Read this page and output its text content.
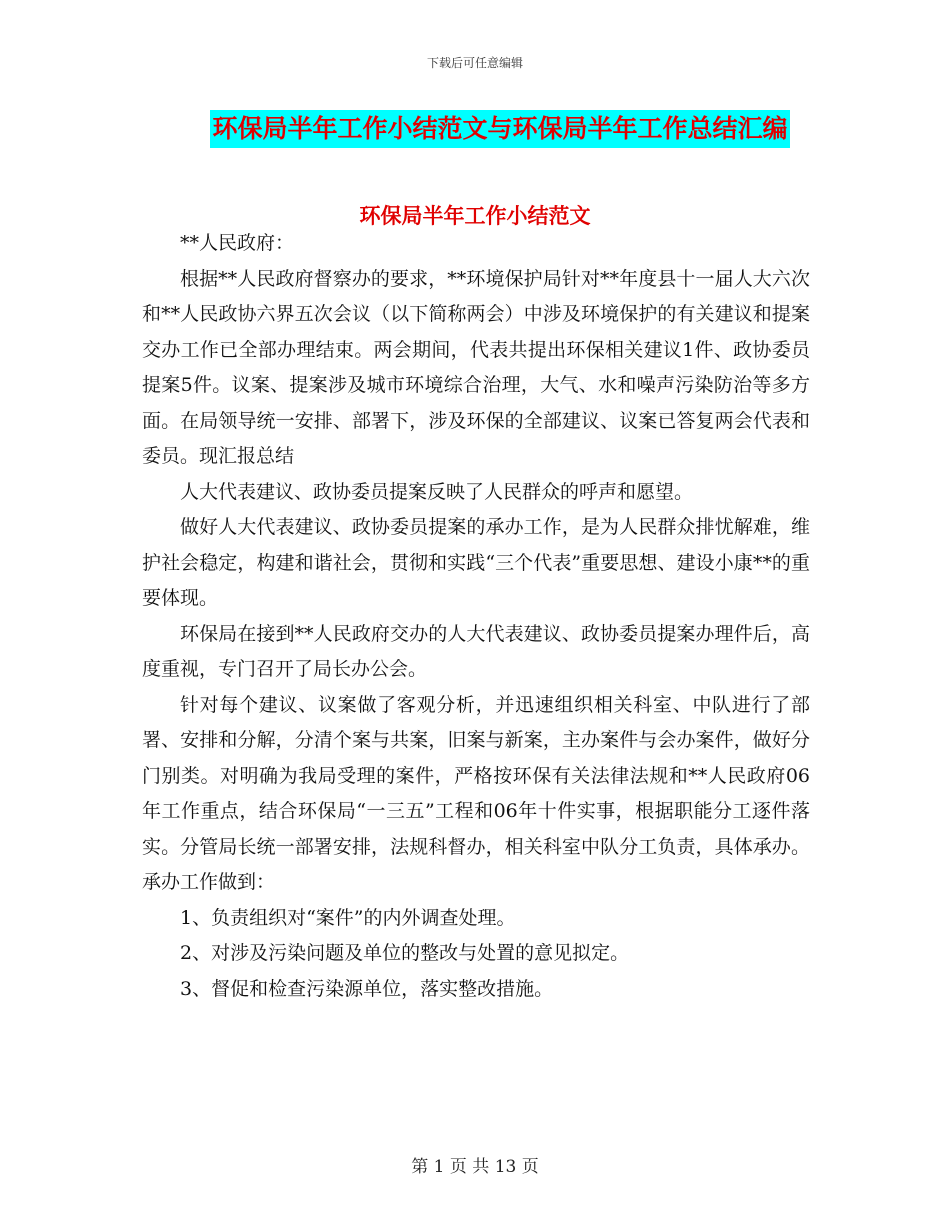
下载后可任意编辑
环保局半年工作小结范文与环保局半年工作总结汇编
环保局半年工作小结范文

**人民政府：

根据**人民政府督察办的要求，**环境保护局针对**年度县十一届人大六次和**人民政协六界五次会议（以下简称两会）中涉及环境保护的有关建议和提案交办工作已全部办理结束。两会期间，代表共提出环保相关建议1件、政协委员提案5件。议案、提案涉及城市环境综合治理，大气、水和噪声污染防治等多方面。在局领导统一安排、部署下，涉及环保的全部建议、议案已答复两会代表和委员。现汇报总结

人大代表建议、政协委员提案反映了人民群众的呼声和愿望。

做好人大代表建议、政协委员提案的承办工作，是为人民群众排忧解难，维护社会稳定，构建和谐社会，贯彻和实践“三个代表”重要思想、建设小康**的重要体现。

环保局在接到**人民政府交办的人大代表建议、政协委员提案办理件后，高度重视，专门召开了局长办公会。

针对每个建议、议案做了客观分析，并迅速组织相关科室、中队进行了部署、安排和分解，分清个案与共案，旧案与新案，主办案件与会办案件，做好分门别类。对明确为我局受理的案件，严格按环保有关法律法规和**人民政府06年工作重点，结合环保局“一三五”工程和06年十件实事，根据职能分工逐件落实。分管局长统一部署安排，法规科督办，相关科室中队分工负责，具体承办。承办工作做到：

1、负责组织对“案件”的内外调查处理。

2、对涉及污染问题及单位的整改与处置的意见拟定。

3、督促和检查污染源单位，落实整改措施。

第 1 页 共 13 页
